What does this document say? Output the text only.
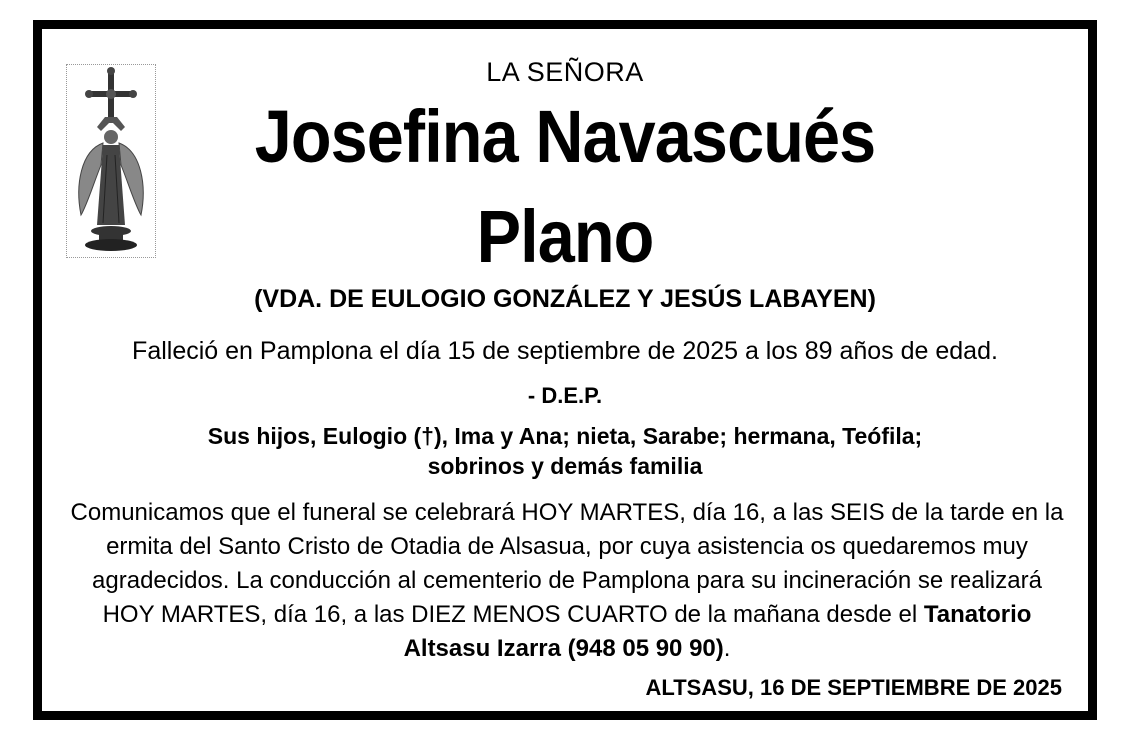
LA SEÑORA
Josefina Navascués
Plano
(VDA. DE EULOGIO GONZÁLEZ Y JESÚS LABAYEN)
Falleció en Pamplona el día 15 de septiembre de 2025 a los 89 años de edad.
- D.E.P.
Sus hijos, Eulogio (†), Ima y Ana; nieta, Sarabe; hermana, Teófila;
sobrinos y demás familia
Comunicamos que el funeral se celebrará HOY MARTES, día 16, a las SEIS de la tarde en la ermita del Santo Cristo de Otadia de Alsasua, por cuya asistencia os quedaremos muy agradecidos. La conducción al cementerio de Pamplona para su incineración se realizará HOY MARTES, día 16, a las DIEZ MENOS CUARTO de la mañana desde el Tanatorio Altsasu Izarra (948 05 90 90).
ALTSASU, 16 DE SEPTIEMBRE DE 2025
